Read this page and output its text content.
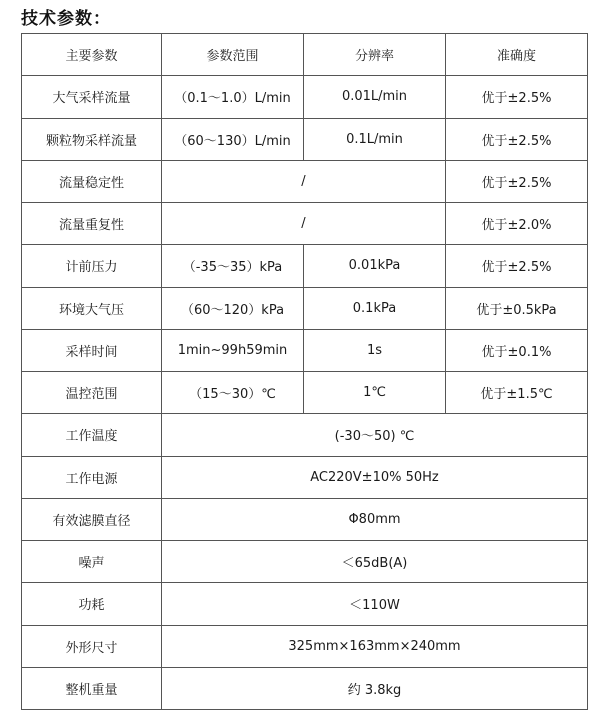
技术参数：
主要参数	参数范围	分辨率	准确度
大气采样流量	（0.1～1.0）L/min	0.01L/min	优于±2.5%
颗粒物采样流量	（60～130）L/min	0.1L/min	优于±2.5%
流量稳定性	/		优于±2.5%
流量重复性	/		优于±2.0%
计前压力	（-35～35）kPa	0.01kPa	优于±2.5%
环境大气压	（60～120）kPa	0.1kPa	优于±0.5kPa
采样时间	1min~99h59min	1s	优于±0.1%
温控范围	（15～30）℃	1℃	优于±1.5℃
工作温度	(-30～50) ℃		
工作电源	AC220V±10% 50Hz		
有效滤膜直径	Φ80mm		
噪声	＜65dB(A)		
功耗	＜110W		
外形尺寸	325mm×163mm×240mm		
整机重量	约 3.8kg		
